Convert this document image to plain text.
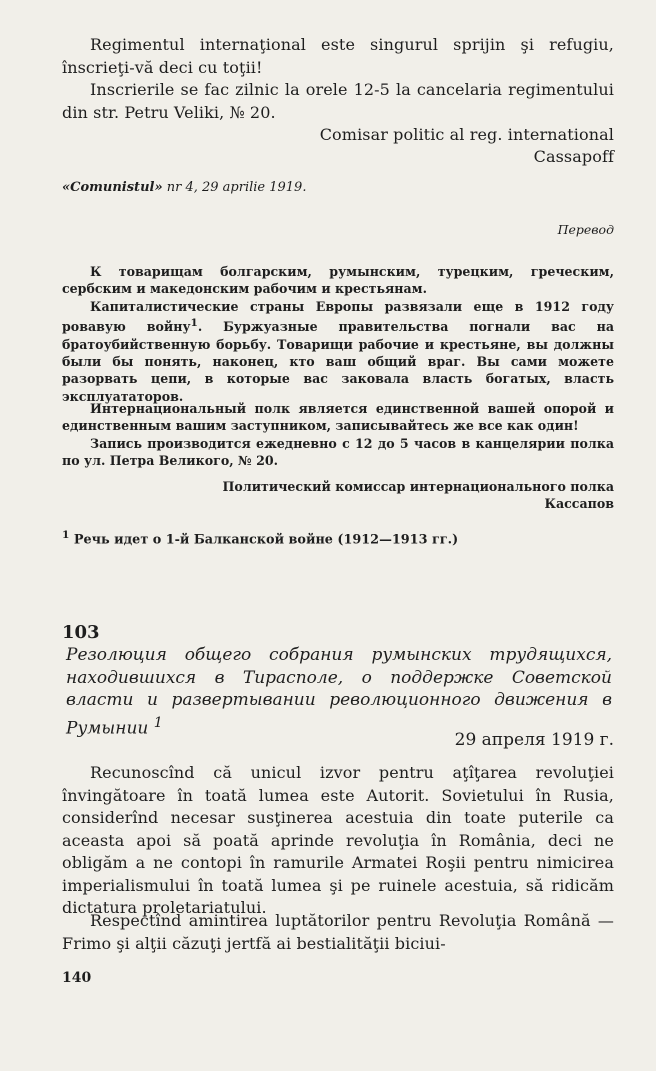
Regimentul internaţional este singurul sprijin şi refugiu, înscrieţi-vă deci cu toţii!

Inscrierile se fac zilnic la orele 12-5 la cancelaria regimentului din str. Petru Veliki, № 20.

Comisar politic al reg. international

Cassapoff

«Comunistul» nr 4, 29 aprilie 1919.

Перевод

К товарищам болгарским, румынским, турецким, греческим, сербским и македонским рабочим и крестьянам.

Капиталистические страны Европы развязали еще в 1912 году ровавую войну$^1$. Буржуазные правительства погнали вас на братоубийственную борьбу. Товарищи рабочие и крестьяне, вы должны были бы понять, наконец, кто ваш общий враг. Вы сами можете разорвать цепи, в которые вас заковала власть богатых, власть эксплуататоров.

Интернациональный полк является единственной вашей опорой и единственным вашим заступником, записывайтесь же все как один!

Запись производится ежедневно с 12 до 5 часов в канцелярии полка по ул. Петра Великого, № 20.

Политический комиссар интернационального полка

Кассапов

$^1$ Речь идет о 1-й Балканской войне (1912—1913 гг.)

103

Резолюция общего собрания румынских трудящихся, находившихся в Тирасполе, о поддержке Советской власти и развертывании революционного движения в Румынии $^1$

29 апреля 1919 г.

Recunoscînd că unicul izvor pentru aţîţarea revoluţiei învingătoare în toată lumea este Autorit. Sovietului în Rusia, considerînd necesar susţinerea acestuia din toate puterile ca aceasta apoi să poată aprinde revoluţia în România, deci ne obligăm a ne contopi în ramurile Armatei Roşii pentru nimicirea imperialismului în toată lumea şi pe ruinele acestuia, să ridicăm dictatura proletariatului.

Respectînd amintirea luptătorilor pentru Revoluţia Română — Frimo şi alţii căzuţi jertfă ai bestialităţii biciui-

140
